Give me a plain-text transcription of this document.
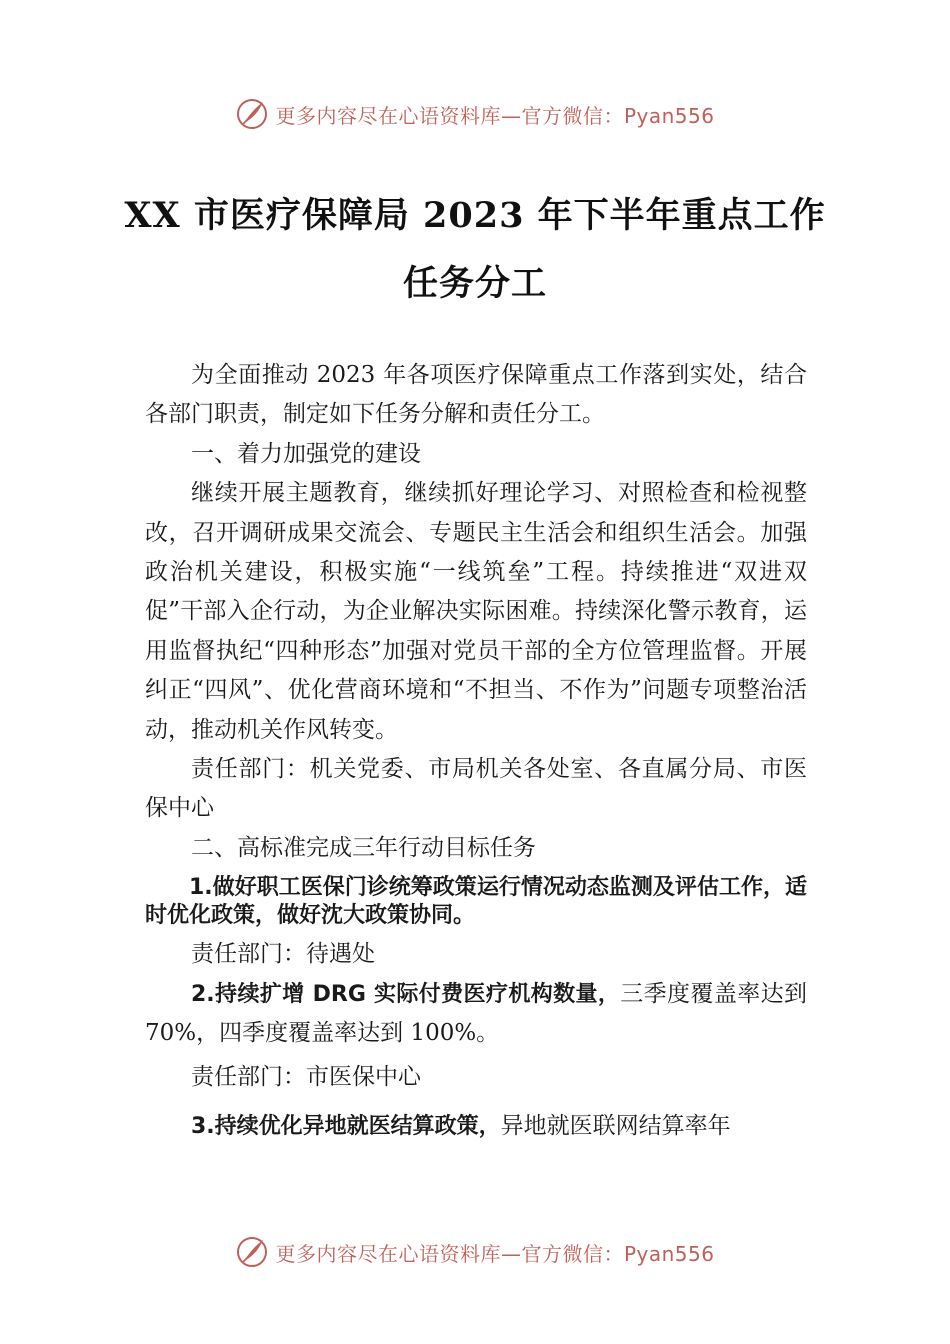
更多内容尽在心语资料库—官方微信：Pyan556
XX 市医疗保障局 2023 年下半年重点工作
任务分工

为全面推动 2023 年各项医疗保障重点工作落到实处，结合各部门职责，制定如下任务分解和责任分工。

一、着力加强党的建设

继续开展主题教育，继续抓好理论学习、对照检查和检视整改，召开调研成果交流会、专题民主生活会和组织生活会。加强政治机关建设，积极实施“一线筑垒”工程。持续推进“双进双促”干部入企行动，为企业解决实际困难。持续深化警示教育，运用监督执纪“四种形态”加强对党员干部的全方位管理监督。开展纠正“四风”、优化营商环境和“不担当、不作为”问题专项整治活动，推动机关作风转变。

责任部门：机关党委、市局机关各处室、各直属分局、市医保中心

二、高标准完成三年行动目标任务

1.做好职工医保门诊统筹政策运行情况动态监测及评估工作，适时优化政策，做好沈大政策协同。

责任部门：待遇处

2.持续扩增 DRG 实际付费医疗机构数量，三季度覆盖率达到 70%，四季度覆盖率达到 100%。

责任部门：市医保中心

3.持续优化异地就医结算政策，异地就医联网结算率年

更多内容尽在心语资料库—官方微信：Pyan556
